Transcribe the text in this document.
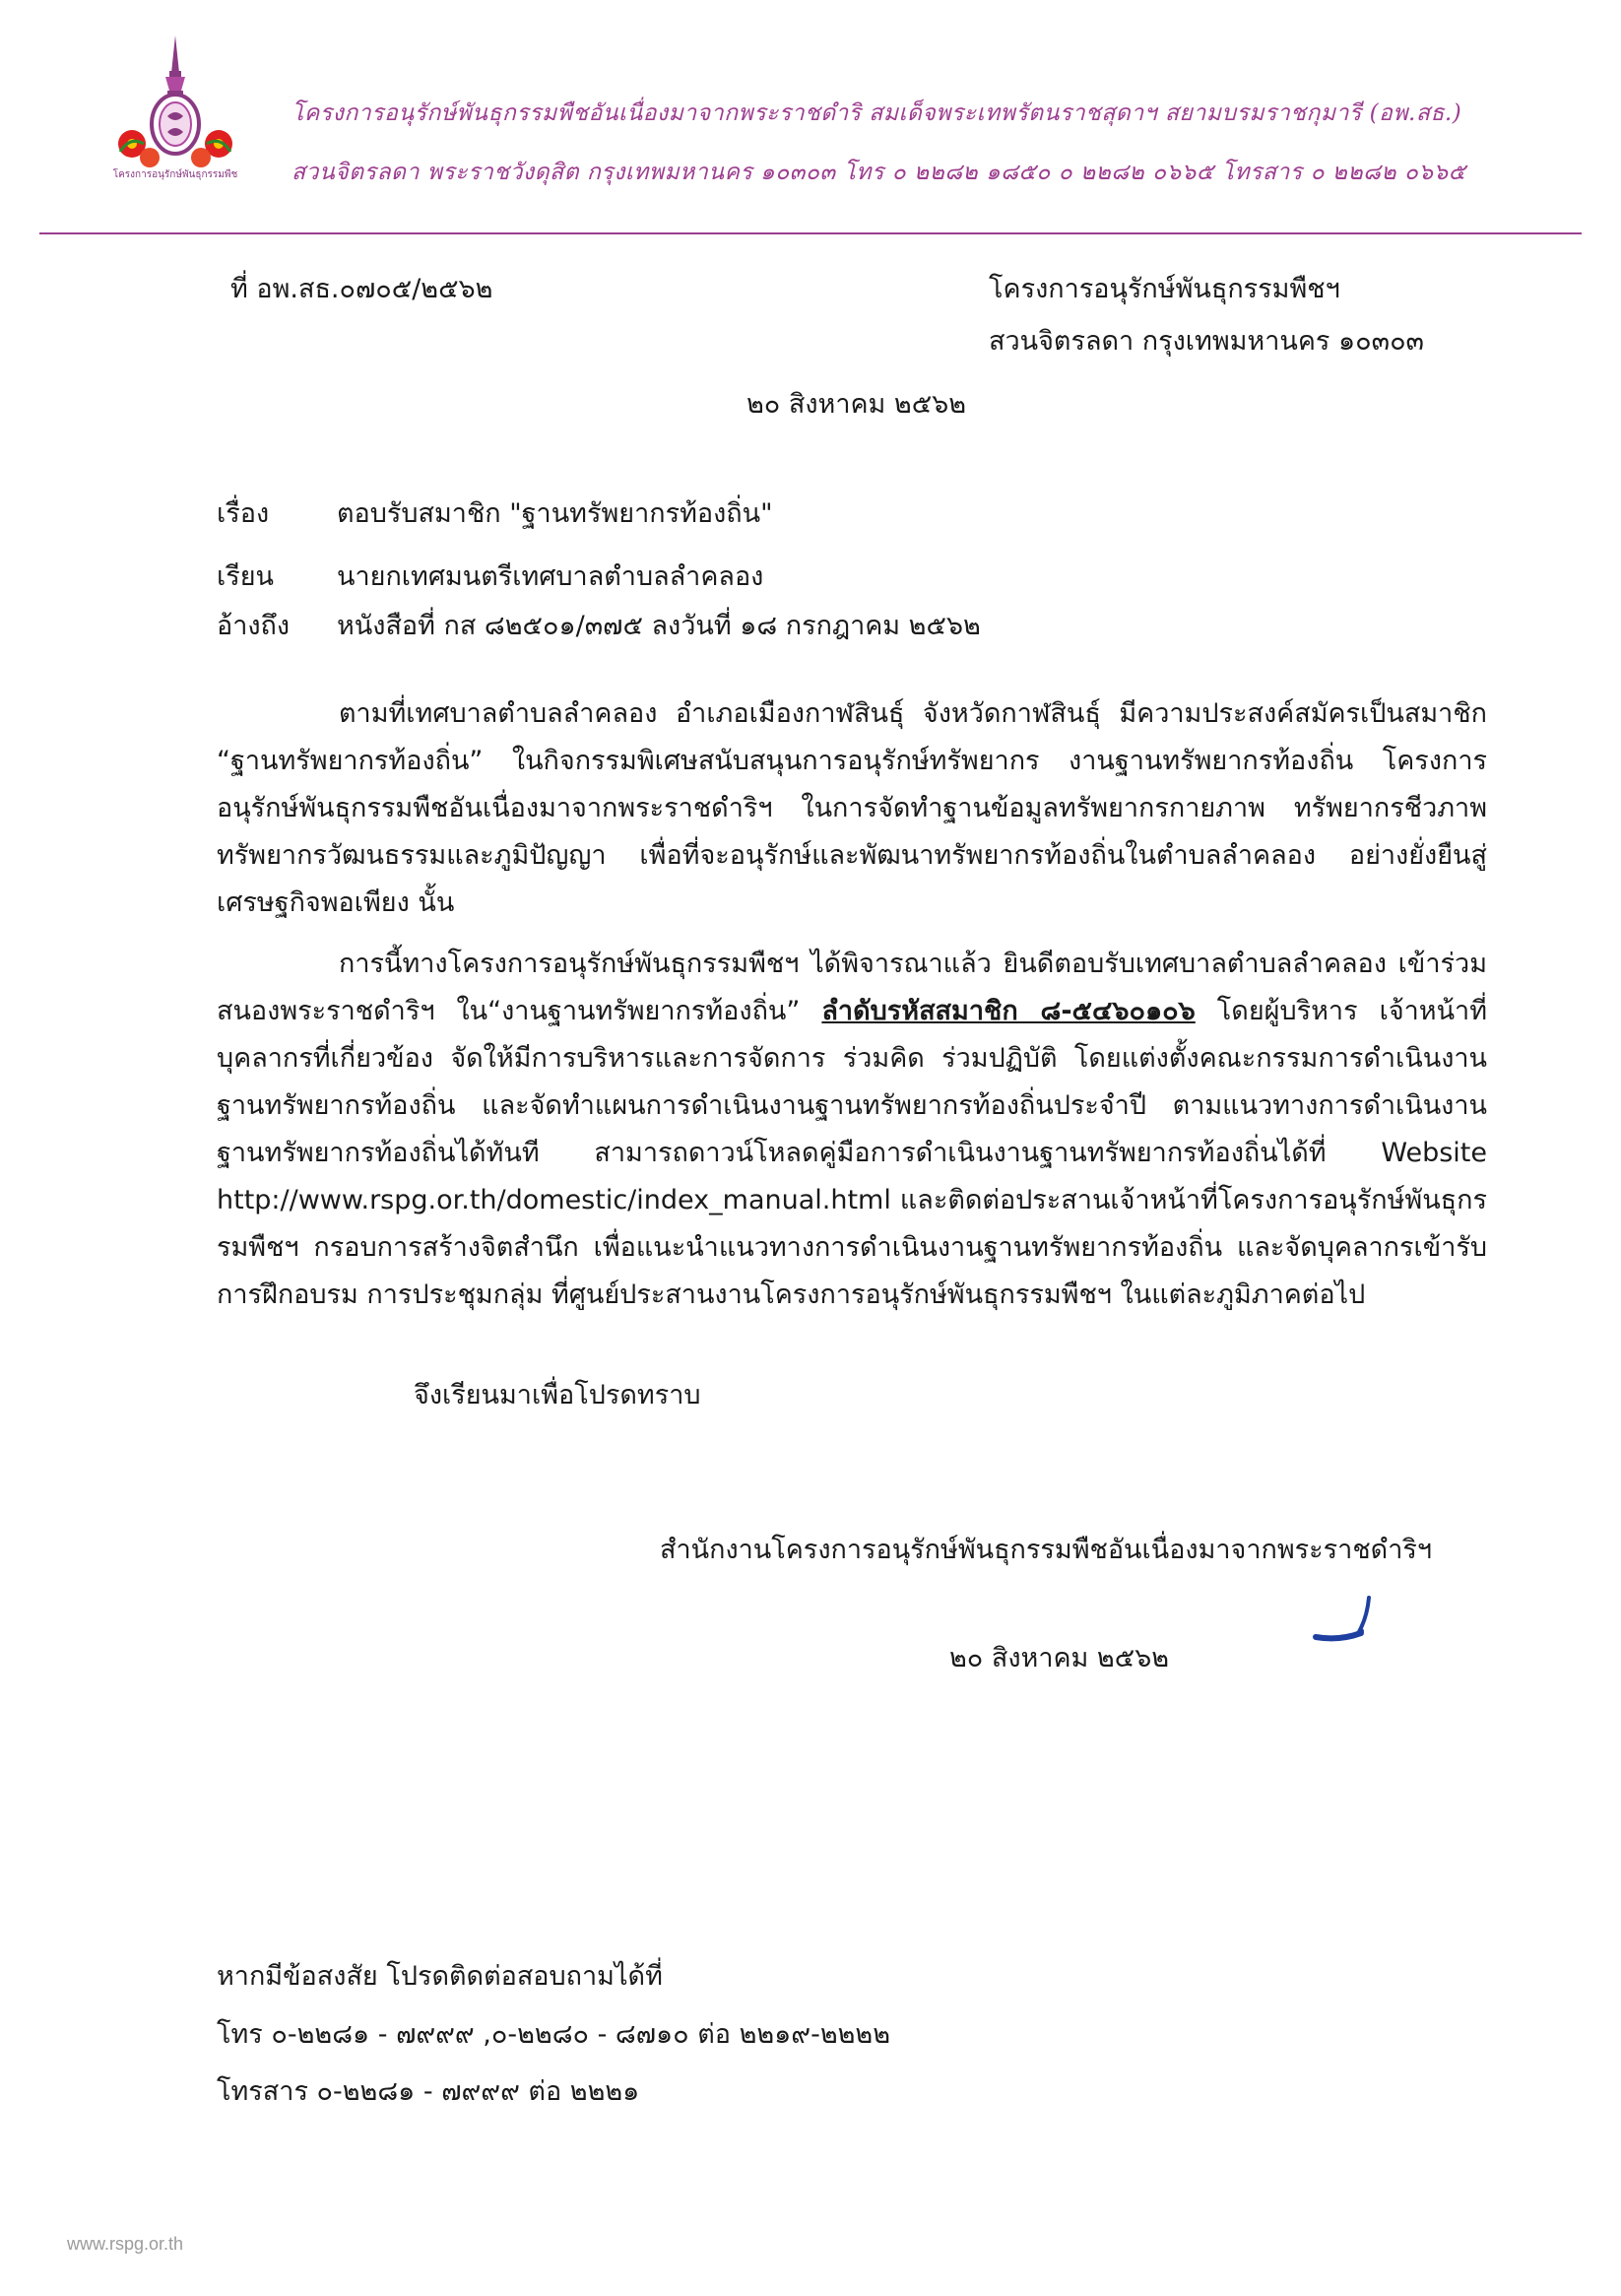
โครงการอนุรักษ์พันธุกรรมพืช
โครงการอนุรักษ์พันธุกรรมพืชอันเนื่องมาจากพระราชดำริ สมเด็จพระเทพรัตนราชสุดาฯ สยามบรมราชกุมารี (อพ.สธ.)
สวนจิตรลดา พระราชวังดุสิต กรุงเทพมหานคร ๑๐๓๐๓ โทร ๐ ๒๒๘๒ ๑๘๕๐ ๐ ๒๒๘๒ ๐๖๖๕ โทรสาร ๐ ๒๒๘๒ ๐๖๖๕
ที่ อพ.สธ.๐๗๐๕/๒๕๖๒	โครงการอนุรักษ์พันธุกรรมพืชฯ
สวนจิตรลดา กรุงเทพมหานคร ๑๐๓๐๓
๒๐ สิงหาคม ๒๕๖๒
เรื่อง	ตอบรับสมาชิก "ฐานทรัพยากรท้องถิ่น"
เรียน นายกเทศมนตรีเทศบาลตำบลลำคลอง
อ้างถึง หนังสือที่ กส ๘๒๕๐๑/๓๗๕ ลงวันที่ ๑๘ กรกฎาคม ๒๕๖๒
ตามที่เทศบาลตำบลลำคลอง อำเภอเมืองกาฬสินธุ์ จังหวัดกาฬสินธุ์ มีความประสงค์สมัครเป็นสมาชิก “ฐานทรัพยากรท้องถิ่น” ในกิจกรรมพิเศษสนับสนุนการอนุรักษ์ทรัพยากร งานฐานทรัพยากรท้องถิ่น โครงการอนุรักษ์พันธุกรรมพืชอันเนื่องมาจากพระราชดำริฯ ในการจัดทำฐานข้อมูลทรัพยากรกายภาพ ทรัพยากรชีวภาพ ทรัพยากรวัฒนธรรมและภูมิปัญญา เพื่อที่จะอนุรักษ์และพัฒนาทรัพยากรท้องถิ่นในตำบลลำคลอง อย่างยั่งยืนสู่เศรษฐกิจพอเพียง นั้น
การนี้ทางโครงการอนุรักษ์พันธุกรรมพืชฯ ได้พิจารณาแล้ว ยินดีตอบรับเทศบาลตำบลลำคลอง เข้าร่วมสนองพระราชดำริฯ ใน“งานฐานทรัพยากรท้องถิ่น” ลำดับรหัสสมาชิก ๘-๕๔๖๐๑๐๖ โดยผู้บริหาร เจ้าหน้าที่บุคลากรที่เกี่ยวข้อง จัดให้มีการบริหารและการจัดการ ร่วมคิด ร่วมปฏิบัติ โดยแต่งตั้งคณะกรรมการดำเนินงานฐานทรัพยากรท้องถิ่น และจัดทำแผนการดำเนินงานฐานทรัพยากรท้องถิ่นประจำปี ตามแนวทางการดำเนินงานฐานทรัพยากรท้องถิ่นได้ทันที สามารถดาวน์โหลดคู่มือการดำเนินงานฐานทรัพยากรท้องถิ่นได้ที่ Website http://www.rspg.or.th/domestic/index_manual.html และติดต่อประสานเจ้าหน้าที่โครงการอนุรักษ์พันธุกรรมพืชฯ กรอบการสร้างจิตสำนึก เพื่อแนะนำแนวทางการดำเนินงานฐานทรัพยากรท้องถิ่น และจัดบุคลากรเข้ารับการฝึกอบรม การประชุมกลุ่ม ที่ศูนย์ประสานงานโครงการอนุรักษ์พันธุกรรมพืชฯ ในแต่ละภูมิภาคต่อไป
จึงเรียนมาเพื่อโปรดทราบ
สำนักงานโครงการอนุรักษ์พันธุกรรมพืชอันเนื่องมาจากพระราชดำริฯ
๒๐ สิงหาคม ๒๕๖๒
หากมีข้อสงสัย โปรดติดต่อสอบถามได้ที่
โทร ๐-๒๒๘๑ - ๗๙๙๙ ,๐-๒๒๘๐ - ๘๗๑๐ ต่อ ๒๒๑๙-๒๒๒๒
โทรสาร ๐-๒๒๘๑ - ๗๙๙๙ ต่อ ๒๒๒๑
www.rspg.or.th
